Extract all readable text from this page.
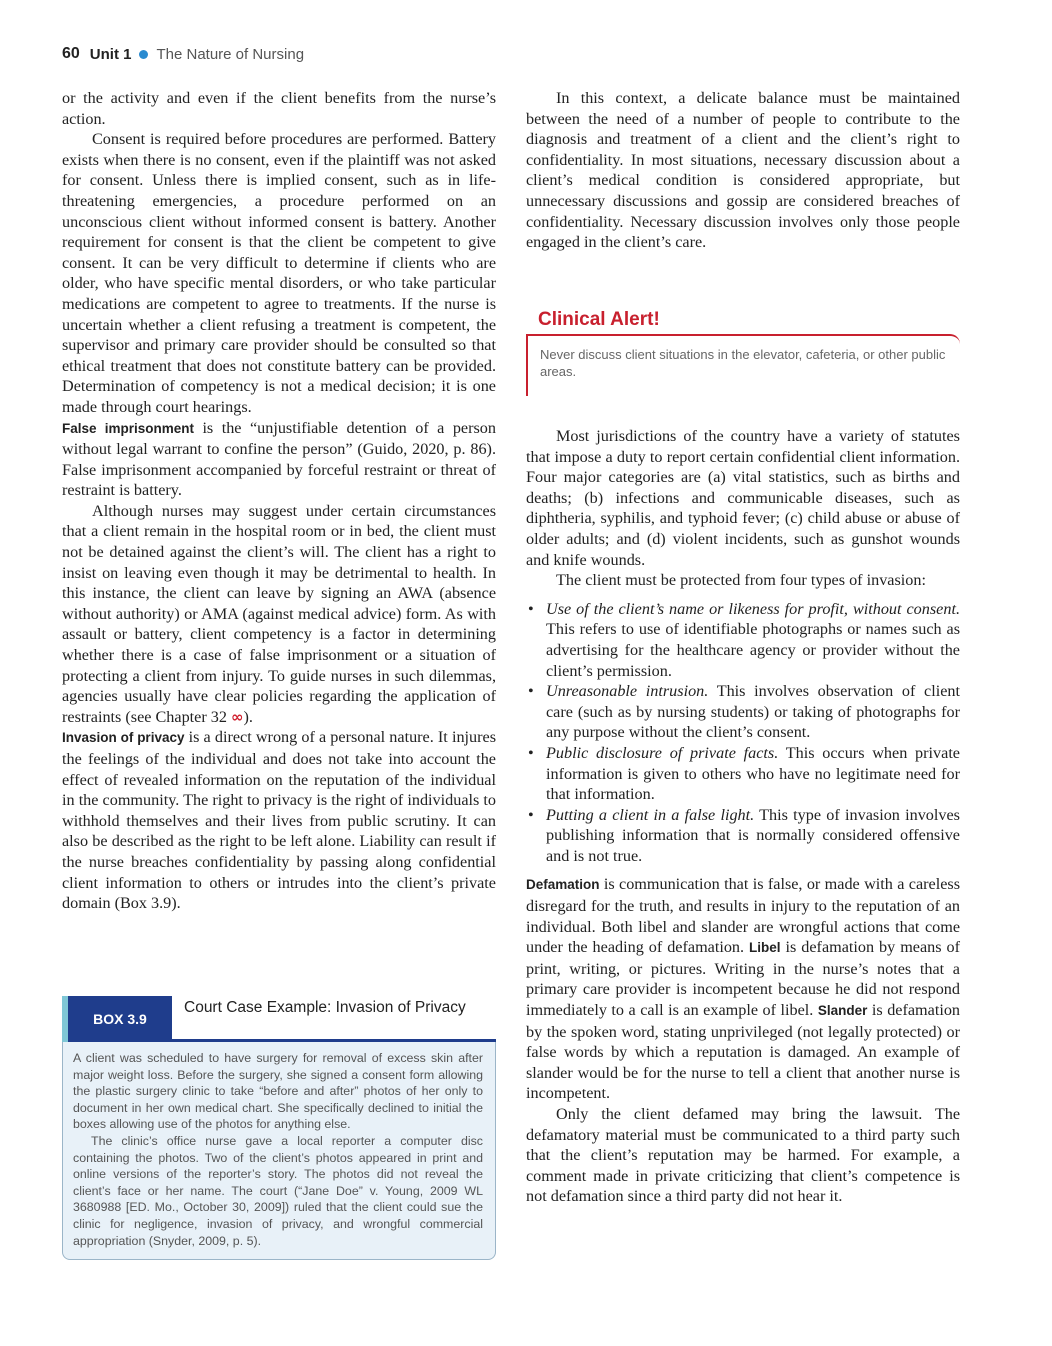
60 Unit 1 The Nature of Nursing

or the activity and even if the client benefits from the nurse’s action.

Consent is required before procedures are performed. Battery exists when there is no consent, even if the plaintiff was not asked for consent. Unless there is implied consent, such as in life-threatening emergencies, a procedure performed on an unconscious client without informed consent is battery. Another requirement for consent is that the client be competent to give consent. It can be very difficult to determine if clients who are older, who have specific mental disorders, or who take particular medications are competent to agree to treatments. If the nurse is uncertain whether a client refusing a treatment is competent, the supervisor and primary care provider should be consulted so that ethical treatment that does not constitute battery can be provided. Determination of competency is not a medical decision; it is one made through court hearings.

False imprisonment is the “unjustifiable detention of a person without legal warrant to confine the person” (Guido, 2020, p. 86). False imprisonment accompanied by forceful restraint or threat of restraint is battery.

Although nurses may suggest under certain circumstances that a client remain in the hospital room or in bed, the client must not be detained against the client’s will. The client has a right to insist on leaving even though it may be detrimental to health. In this instance, the client can leave by signing an AWA (absence without authority) or AMA (against medical advice) form. As with assault or battery, client competency is a factor in determining whether there is a case of false imprisonment or a situation of protecting a client from injury. To guide nurses in such dilemmas, agencies usually have clear policies regarding the application of restraints (see Chapter 32 ∞).

Invasion of privacy is a direct wrong of a personal nature. It injures the feelings of the individual and does not take into account the effect of revealed information on the reputation of the individual in the community. The right to privacy is the right of individuals to withhold themselves and their lives from public scrutiny. It can also be described as the right to be left alone. Liability can result if the nurse breaches confidentiality by passing along confidential client information to others or intrudes into the client’s private domain (Box 3.9).

BOX 3.9
Court Case Example: Invasion of Privacy

A client was scheduled to have surgery for removal of excess skin after major weight loss. Before the surgery, she signed a consent form allowing the plastic surgery clinic to take “before and after” photos of her only to document in her own medical chart. She specifically declined to initial the boxes allowing use of the photos for anything else.

The clinic’s office nurse gave a local reporter a computer disc containing the photos. Two of the client’s photos appeared in print and online versions of the reporter’s story. The photos did not reveal the client’s face or her name. The court (“Jane Doe” v. Young, 2009 WL 3680988 [ED. Mo., October 30, 2009]) ruled that the client could sue the clinic for negligence, invasion of privacy, and wrongful commercial appropriation (Snyder, 2009, p. 5).

In this context, a delicate balance must be maintained between the need of a number of people to contribute to the diagnosis and treatment of a client and the client’s right to confidentiality. In most situations, necessary discussion about a client’s medical condition is considered appropriate, but unnecessary discussions and gossip are considered breaches of confidentiality. Necessary discussion involves only those people engaged in the client’s care.

Clinical Alert!
Never discuss client situations in the elevator, cafeteria, or other public areas.

Most jurisdictions of the country have a variety of statutes that impose a duty to report certain confidential client information. Four major categories are (a) vital statistics, such as births and deaths; (b) infections and communicable diseases, such as diphtheria, syphilis, and typhoid fever; (c) child abuse or abuse of older adults; and (d) violent incidents, such as gunshot wounds and knife wounds.

The client must be protected from four types of invasion:

• Use of the client’s name or likeness for profit, without consent. This refers to use of identifiable photographs or names such as advertising for the healthcare agency or provider without the client’s permission.
• Unreasonable intrusion. This involves observation of client care (such as by nursing students) or taking of photographs for any purpose without the client’s consent.
• Public disclosure of private facts. This occurs when private information is given to others who have no legitimate need for that information.
• Putting a client in a false light. This type of invasion involves publishing information that is normally considered offensive and is not true.

Defamation is communication that is false, or made with a careless disregard for the truth, and results in injury to the reputation of an individual. Both libel and slander are wrongful actions that come under the heading of defamation. Libel is defamation by means of print, writing, or pictures. Writing in the nurse’s notes that a primary care provider is incompetent because he did not respond immediately to a call is an example of libel. Slander is defamation by the spoken word, stating unprivileged (not legally protected) or false words by which a reputation is damaged. An example of slander would be for the nurse to tell a client that another nurse is incompetent.

Only the client defamed may bring the lawsuit. The defamatory material must be communicated to a third party such that the client’s reputation may be harmed. For example, a comment made in private criticizing that client’s competence is not defamation since a third party did not hear it.
